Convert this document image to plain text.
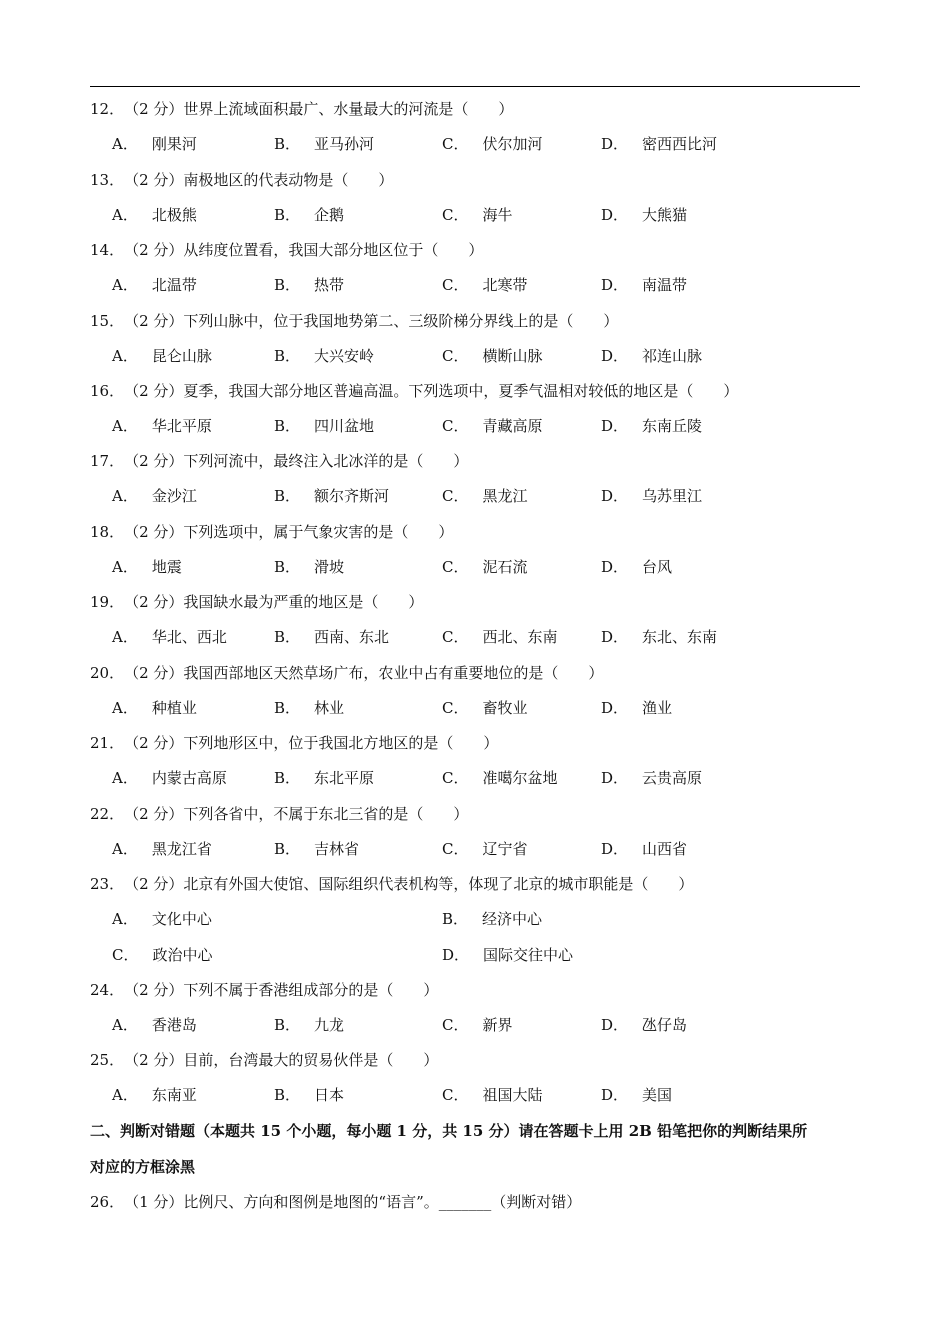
12．（2 分）世界上流域面积最广、水量最大的河流是（　　）
A． 刚果河	B． 亚马孙河	C． 伏尔加河	D． 密西西比河
13．（2 分）南极地区的代表动物是（　　）
A． 北极熊	B． 企鹅	C． 海牛	D． 大熊猫
14．（2 分）从纬度位置看，我国大部分地区位于（　　）
A． 北温带	B． 热带	C． 北寒带	D． 南温带
15．（2 分）下列山脉中，位于我国地势第二、三级阶梯分界线上的是（　　）
A． 昆仑山脉	B． 大兴安岭	C． 横断山脉	D． 祁连山脉
16．（2 分）夏季，我国大部分地区普遍高温。下列选项中，夏季气温相对较低的地区是（　　）
A． 华北平原	B． 四川盆地	C． 青藏高原	D． 东南丘陵
17．（2 分）下列河流中，最终注入北冰洋的是（　　）
A． 金沙江	B． 额尔齐斯河	C． 黑龙江	D． 乌苏里江
18．（2 分）下列选项中，属于气象灾害的是（　　）
A． 地震	B． 滑坡	C． 泥石流	D． 台风
19．（2 分）我国缺水最为严重的地区是（　　）
A． 华北、西北	B． 西南、东北	C． 西北、东南	D． 东北、东南
20．（2 分）我国西部地区天然草场广布，农业中占有重要地位的是（　　）
A． 种植业	B． 林业	C． 畜牧业	D． 渔业
21．（2 分）下列地形区中，位于我国北方地区的是（　　）
A． 内蒙古高原	B． 东北平原	C． 准噶尔盆地	D． 云贵高原
22．（2 分）下列各省中，不属于东北三省的是（　　）
A． 黑龙江省	B． 吉林省	C． 辽宁省	D． 山西省
23．（2 分）北京有外国大使馆、国际组织代表机构等，体现了北京的城市职能是（　　）
A． 文化中心	B． 经济中心
C． 政治中心	D． 国际交往中心
24．（2 分）下列不属于香港组成部分的是（　　）
A． 香港岛	B． 九龙	C． 新界	D． 氹仔岛
25．（2 分）目前，台湾最大的贸易伙伴是（　　）
A． 东南亚	B． 日本	C． 祖国大陆	D． 美国
二、判断对错题（本题共 15 个小题，每小题 1 分，共 15 分）请在答题卡上用 2B 铅笔把你的判断结果所
对应的方框涂黑
26．（1 分）比例尺、方向和图例是地图的“语言”。_______（判断对错）
